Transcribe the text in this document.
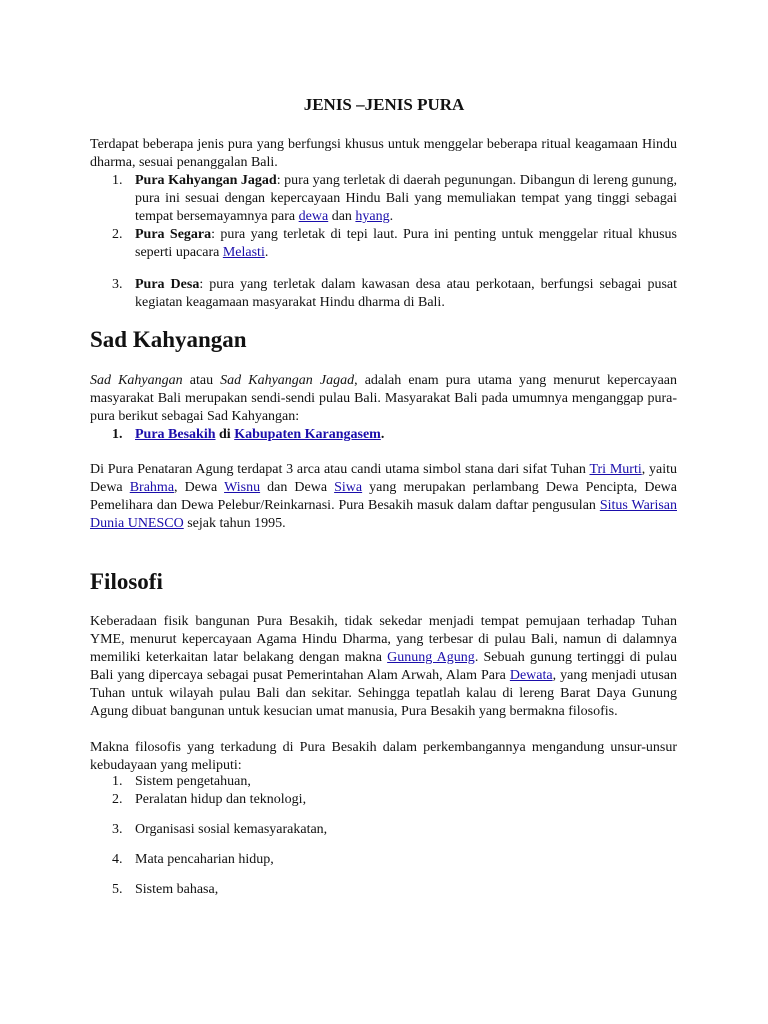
JENIS –JENIS PURA

Terdapat beberapa jenis pura yang berfungsi khusus untuk menggelar beberapa ritual keagamaan Hindu dharma, sesuai penanggalan Bali.

1. Pura Kahyangan Jagad: pura yang terletak di daerah pegunungan. Dibangun di lereng gunung, pura ini sesuai dengan kepercayaan Hindu Bali yang memuliakan tempat yang tinggi sebagai tempat bersemayamnya para dewa dan hyang.
2. Pura Segara: pura yang terletak di tepi laut. Pura ini penting untuk menggelar ritual khusus seperti upacara Melasti.
3. Pura Desa: pura yang terletak dalam kawasan desa atau perkotaan, berfungsi sebagai pusat kegiatan keagamaan masyarakat Hindu dharma di Bali.
Sad Kahyangan

Sad Kahyangan atau Sad Kahyangan Jagad, adalah enam pura utama yang menurut kepercayaan masyarakat Bali merupakan sendi-sendi pulau Bali. Masyarakat Bali pada umumnya menganggap pura-pura berikut sebagai Sad Kahyangan:

1. Pura Besakih di Kabupaten Karangasem.

Di Pura Penataran Agung terdapat 3 arca atau candi utama simbol stana dari sifat Tuhan Tri Murti, yaitu Dewa Brahma, Dewa Wisnu dan Dewa Siwa yang merupakan perlambang Dewa Pencipta, Dewa Pemelihara dan Dewa Pelebur/Reinkarnasi. Pura Besakih masuk dalam daftar pengusulan Situs Warisan Dunia UNESCO sejak tahun 1995.

Filosofi

Keberadaan fisik bangunan Pura Besakih, tidak sekedar menjadi tempat pemujaan terhadap Tuhan YME, menurut kepercayaan Agama Hindu Dharma, yang terbesar di pulau Bali, namun di dalamnya memiliki keterkaitan latar belakang dengan makna Gunung Agung. Sebuah gunung tertinggi di pulau Bali yang dipercaya sebagai pusat Pemerintahan Alam Arwah, Alam Para Dewata, yang menjadi utusan Tuhan untuk wilayah pulau Bali dan sekitar. Sehingga tepatlah kalau di lereng Barat Daya Gunung Agung dibuat bangunan untuk kesucian umat manusia, Pura Besakih yang bermakna filosofis.

Makna filosofis yang terkadung di Pura Besakih dalam perkembangannya mengandung unsur-unsur kebudayaan yang meliputi:

1. Sistem pengetahuan,
2. Peralatan hidup dan teknologi,
3. Organisasi sosial kemasyarakatan,
4. Mata pencaharian hidup,
5. Sistem bahasa,
